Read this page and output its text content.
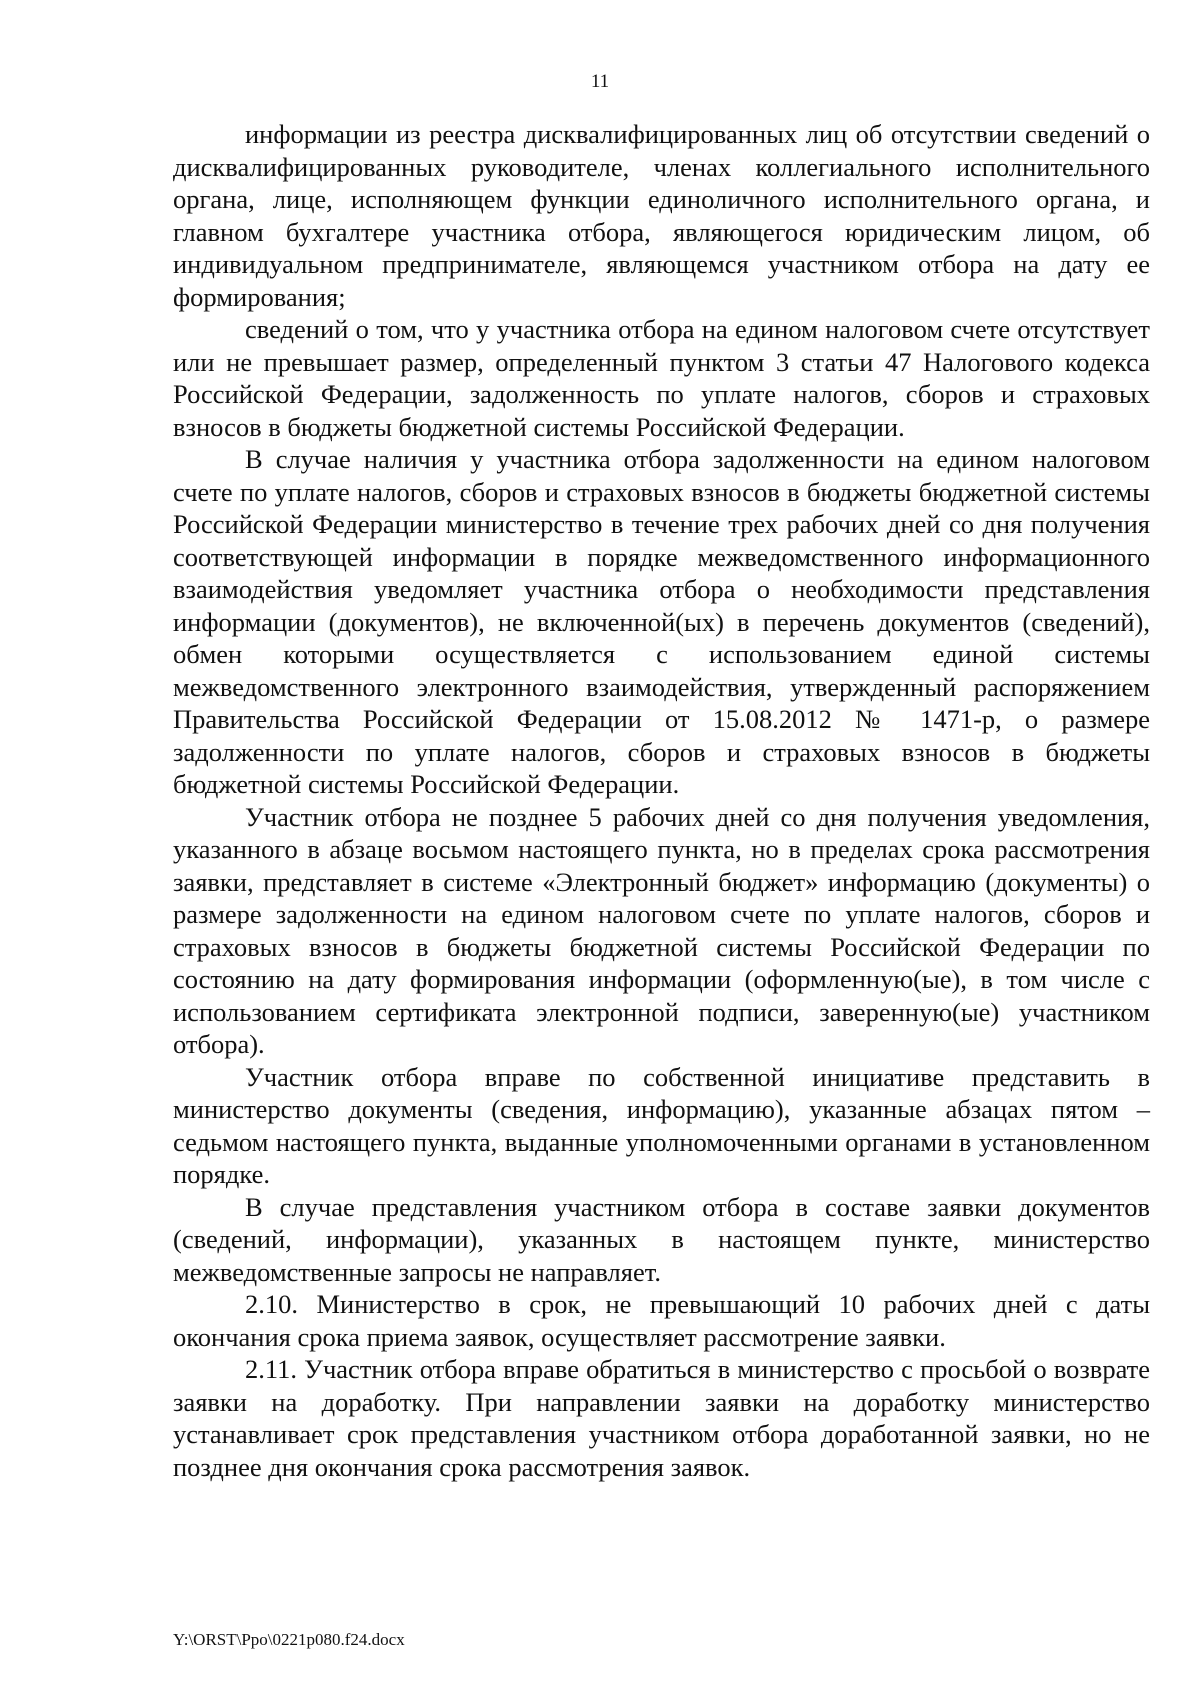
11

информации из реестра дисквалифицированных лиц об отсутствии сведений о дисквалифицированных руководителе, членах коллегиального исполнительного органа, лице, исполняющем функции единоличного исполнительного органа, и главном бухгалтере участника отбора, являющегося юридическим лицом, об индивидуальном предпринимателе, являющемся участником отбора на дату ее формирования;

сведений о том, что у участника отбора на едином налоговом счете отсутствует или не превышает размер, определенный пунктом 3 статьи 47 Налогового кодекса Российской Федерации, задолженность по уплате налогов, сборов и страховых взносов в бюджеты бюджетной системы Российской Федерации.

В случае наличия у участника отбора задолженности на едином налоговом счете по уплате налогов, сборов и страховых взносов в бюджеты бюджетной системы Российской Федерации министерство в течение трех рабочих дней со дня получения соответствующей информации в порядке межведомственного информационного взаимодействия уведомляет участника отбора о необходимости представления информации (документов), не включенной(ых) в перечень документов (сведений), обмен которыми осуществляется с использованием единой системы межведомственного электронного взаимодействия, утвержденный распоряжением Правительства Российской Федерации от 15.08.2012 № 1471-р, о размере задолженности по уплате налогов, сборов и страховых взносов в бюджеты бюджетной системы Российской Федерации.

Участник отбора не позднее 5 рабочих дней со дня получения уведомления, указанного в абзаце восьмом настоящего пункта, но в пределах срока рассмотрения заявки, представляет в системе «Электронный бюджет» информацию (документы) о размере задолженности на едином налоговом счете по уплате налогов, сборов и страховых взносов в бюджеты бюджетной системы Российской Федерации по состоянию на дату формирования информации (оформленную(ые), в том числе с использованием сертификата электронной подписи, заверенную(ые) участником отбора).

Участник отбора вправе по собственной инициативе представить в министерство документы (сведения, информацию), указанные абзацах пятом – седьмом настоящего пункта, выданные уполномоченными органами в установленном порядке.

В случае представления участником отбора в составе заявки документов (сведений, информации), указанных в настоящем пункте, министерство межведомственные запросы не направляет.

2.10. Министерство в срок, не превышающий 10 рабочих дней с даты окончания срока приема заявок, осуществляет рассмотрение заявки.

2.11. Участник отбора вправе обратиться в министерство с просьбой о возврате заявки на доработку. При направлении заявки на доработку министерство устанавливает срок представления участником отбора доработанной заявки, но не позднее дня окончания срока рассмотрения заявок.

Y:\ORST\Ppo\0221p080.f24.docx
